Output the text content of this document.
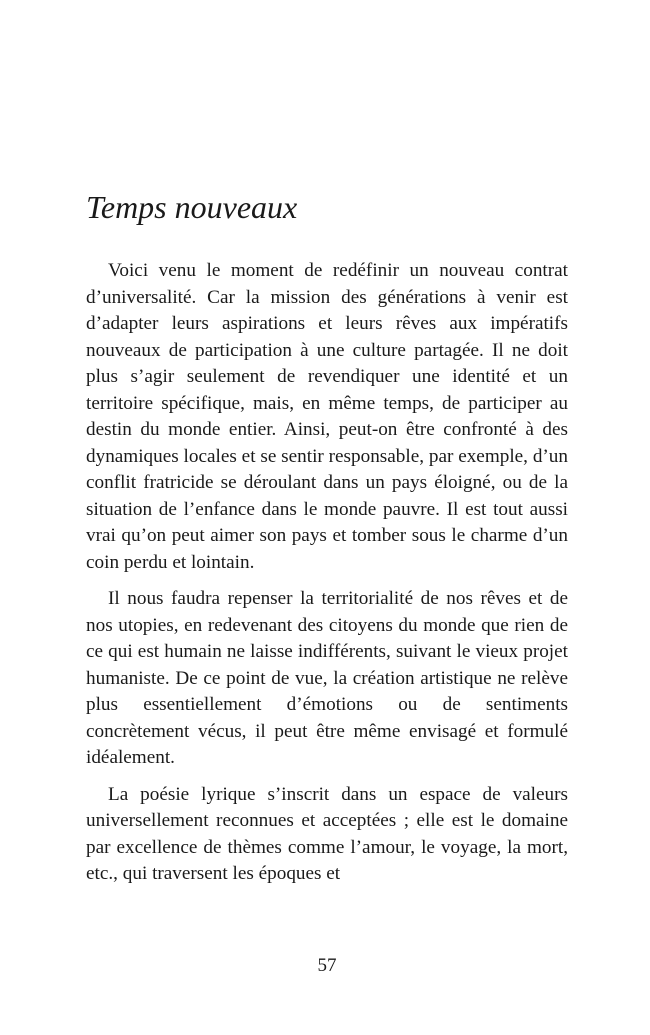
Temps nouveaux

Voici venu le moment de redéfinir un nouveau contrat d’universalité. Car la mission des générations à venir est d’adapter leurs aspirations et leurs rêves aux impératifs nouveaux de participation à une culture partagée. Il ne doit plus s’agir seulement de revendiquer une identité et un territoire spécifique, mais, en même temps, de participer au destin du monde entier. Ainsi, peut-on être confronté à des dynamiques locales et se sentir responsable, par exemple, d’un conflit fratricide se déroulant dans un pays éloigné, ou de la situation de l’enfance dans le monde pauvre. Il est tout aussi vrai qu’on peut aimer son pays et tomber sous le charme d’un coin perdu et lointain.

Il nous faudra repenser la territorialité de nos rêves et de nos utopies, en redevenant des citoyens du monde que rien de ce qui est humain ne laisse indifférents, suivant le vieux projet humaniste. De ce point de vue, la création artistique ne relève plus essentiellement d’émotions ou de sentiments concrètement vécus, il peut être même envisagé et formulé idéalement.

La poésie lyrique s’inscrit dans un espace de valeurs universellement reconnues et acceptées ; elle est le domaine par excellence de thèmes comme l’amour, le voyage, la mort, etc., qui traversent les époques et

57
